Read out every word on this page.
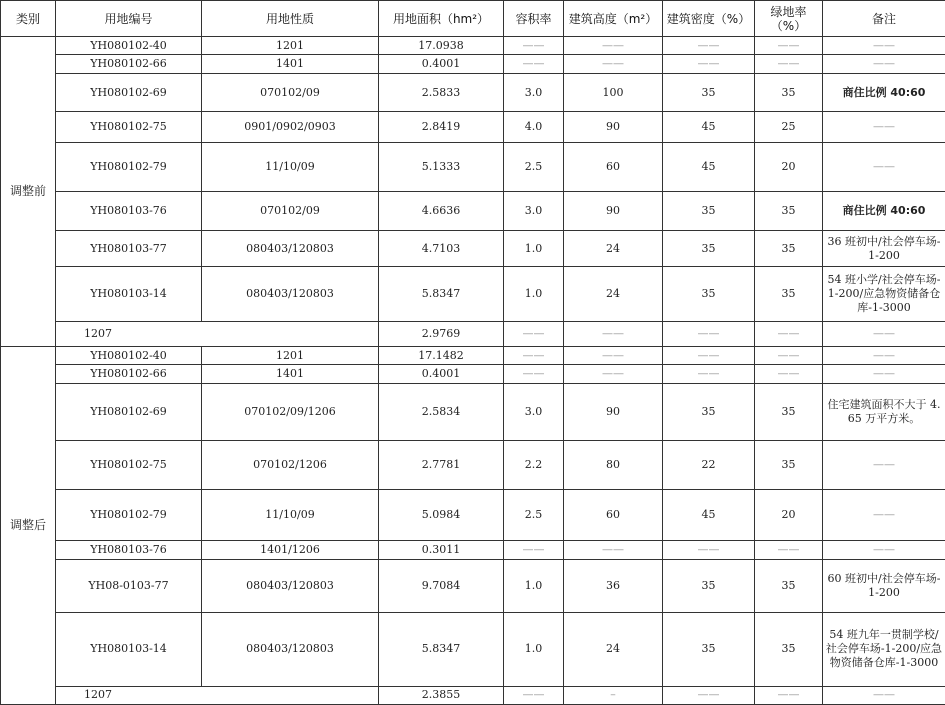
类别	用地编号	用地性质	用地面积（hm²）	容积率	建筑高度（m²）	建筑密度（%）	绿地率（%）	备注
调整前	YH080102-40	1201	17.0938	——	——	——	——	——
	YH080102-66	1401	0.4001	——	——	——	——	——
	YH080102-69	070102/09	2.5833	3.0	100	35	35	商住比例 40:60
	YH080102-75	0901/0902/0903	2.8419	4.0	90	45	25	——
	YH080102-79	11/10/09	5.1333	2.5	60	45	20	——
	YH080103-76	070102/09	4.6636	3.0	90	35	35	商住比例 40:60
	YH080103-77	080403/120803	4.7103	1.0	24	35	35	36 班初中/社会停车场-1-200
	YH080103-14	080403/120803	5.8347	1.0	24	35	35	54 班小学/社会停车场-1-200/应急物资储备仓库-1-3000
	1207		2.9769	——	——	——	——	——
调整后	YH080102-40	1201	17.1482	——	——	——	——	——
	YH080102-66	1401	0.4001	——	——	——	——	——
	YH080102-69	070102/09/1206	2.5834	3.0	90	35	35	住宅建筑面积不大于 4.65 万平方米。
	YH080102-75	070102/1206	2.7781	2.2	80	22	35	——
	YH080102-79	11/10/09	5.0984	2.5	60	45	20	——
	YH080103-76	1401/1206	0.3011	——	——	——	——	——
	YH08-0103-77	080403/120803	9.7084	1.0	36	35	35	60 班初中/社会停车场-1-200
	YH080103-14	080403/120803	5.8347	1.0	24	35	35	54 班九年一贯制学校/社会停车场-1-200/应急物资储备仓库-1-3000
	1207		2.3855	——	–	——	——	——
